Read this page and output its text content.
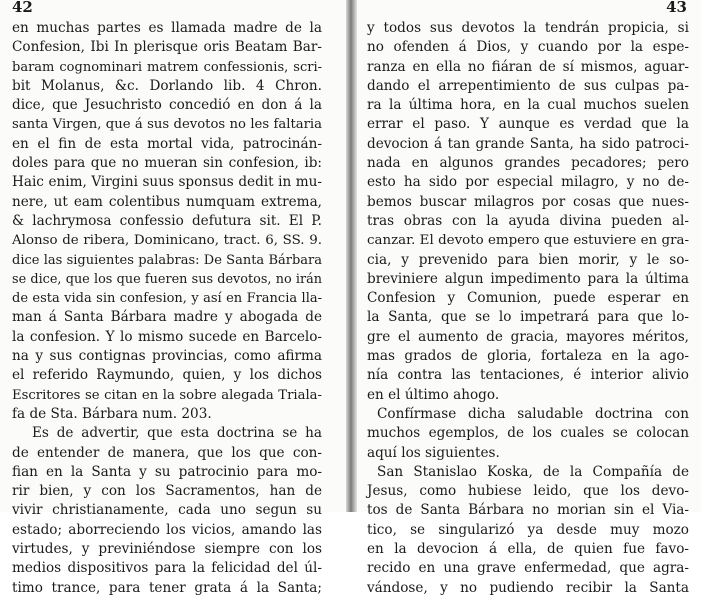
42
en muchas partes es llamada madre de la
Confesion, Ibi In plerisque oris Beatam Bar-
baram cognominari matrem confessionis, scri-
bit Molanus, &c. Dorlando lib. 4 Chron.
dice, que Jesuchristo concedió en don á la
santa Virgen, que á sus devotos no les faltaria
en el fin de esta mortal vida, patrocinán-
doles para que no mueran sin confesion, ib:
Haic enim, Virgini suus sponsus dedit in mu-
nere, ut eam colentibus numquam extrema,
& lachrymosa confessio defutura sit. El P.
Alonso de ribera, Dominicano, tract. 6, SS. 9.
dice las siguientes palabras: De Santa Bárbara
se dice, que los que fueren sus devotos, no irán
de esta vida sin confesion, y así en Francia lla-
man á Santa Bárbara madre y abogada de
la confesion. Y lo mismo sucede en Barcelo-
na y sus contignas provincias, como afirma
el referido Raymundo, quien, y los dichos
Escritores se citan en la sobre alegada Triala-
fa de Sta. Bárbara num. 203.
Es de advertir, que esta doctrina se ha
de entender de manera, que los que con-
fian en la Santa y su patrocinio para mo-
rir bien, y con los Sacramentos, han de
vivir christianamente, cada uno segun su
estado; aborreciendo los vicios, amando las
virtudes, y previniéndose siempre con los
medios dispositivos para la felicidad del úl-
timo trance, para tener grata á la Santa;
43
y todos sus devotos la tendrán propicia, si
no ofenden á Dios, y cuando por la espe-
ranza en ella no fiáran de sí mismos, aguar-
dando el arrepentimiento de sus culpas pa-
ra la última hora, en la cual muchos suelen
errar el paso. Y aunque es verdad que la
devocion á tan grande Santa, ha sido patroci-
nada en algunos grandes pecadores; pero
esto ha sido por especial milagro, y no de-
bemos buscar milagros por cosas que nues-
tras obras con la ayuda divina pueden al-
canzar. El devoto empero que estuviere en gra-
cia, y prevenido para bien morir, y le so-
breviniere algun impedimento para la última
Confesion y Comunion, puede esperar en
la Santa, que se lo impetrará para que lo-
gre el aumento de gracia, mayores méritos,
mas grados de gloria, fortaleza en la ago-
nía contra las tentaciones, é interior alivio
en el último ahogo.
Confírmase dicha saludable doctrina con
muchos egemplos, de los cuales se colocan
aquí los siguientes.
San Stanislao Koska, de la Compañía de
Jesus, como hubiese leido, que los devo-
tos de Santa Bárbara no morian sin el Via-
tico, se singularizó ya desde muy mozo
en la devocion á ella, de quien fue favo-
recido en una grave enfermedad, que agra-
vándose, y no pudiendo recibir la Santa
